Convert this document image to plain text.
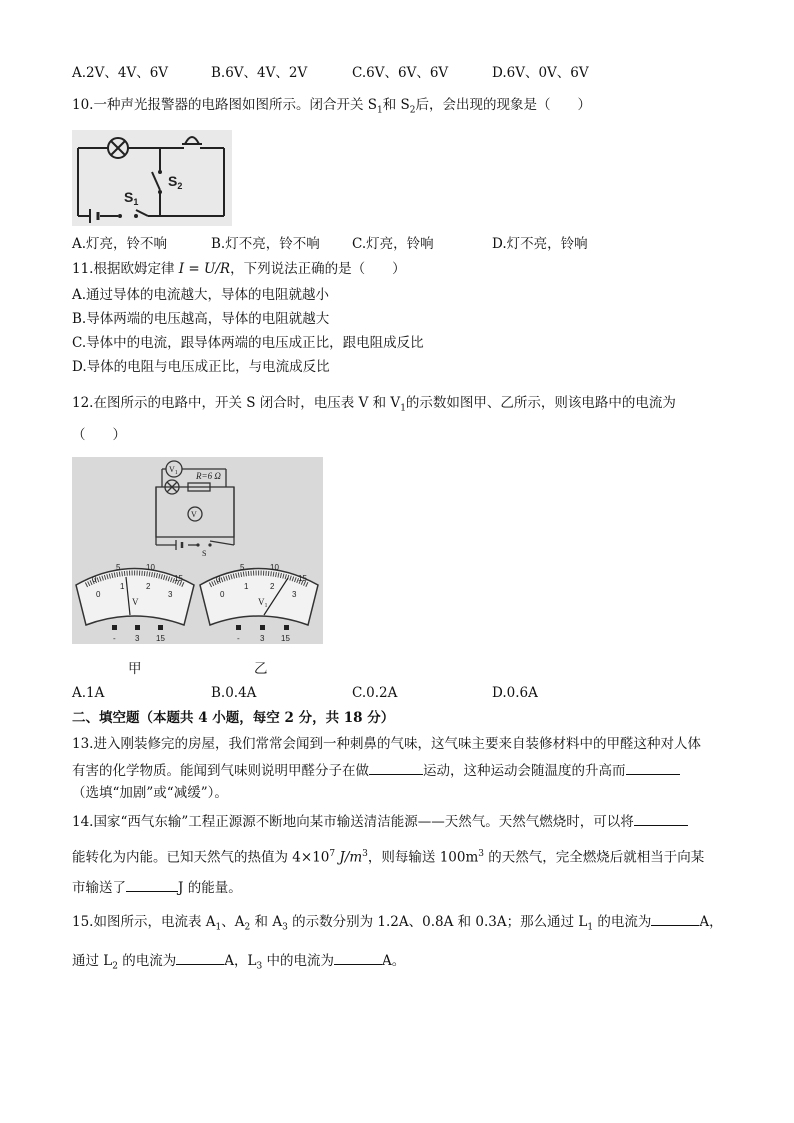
A.2V、4V、6V	B.6V、4V、2V	C.6V、6V、6V	D.6V、0V、6V
10.一种声光报警器的电路图如图所示。闭合开关 $S_1$和 $S_2$后，会出现的现象是（　　）
$S_1$
$S_2$
A.灯亮，铃不响	B.灯不亮，铃不响 C.灯亮，铃响	D.灯不亮，铃响
11.根据欧姆定律 I = U/R，下列说法正确的是（　　）
A.通过导体的电流越大，导体的电阻就越小
B.导体两端的电压越高，导体的电阻就越大
C.导体中的电流，跟导体两端的电压成正比，跟电阻成反比
D.导体的电阻与电压成正比，与电流成反比
12.在图所示的电路中，开关 S 闭合时，电压表 V 和 $V_1$的示数如图甲、乙所示，则该电路中的电流为
（　　）
$V_1$
V
R=6 Ω
S
0
5	10
15
0
1	2
3
V
0
5	10
15
0
1	2
3
$V_1$
- 3 15	-	3 15
甲	乙
A.1A	B.0.4A	C.0.2A	D.0.6A
二、填空题（本题共 4 小题，每空 2 分，共 18 分）
13.进入刚装修完的房屋，我们常常会闻到一种刺鼻的气味，这气味主要来自装修材料中的甲醛这种对人体
有害的化学物质。能闻到气味则说明甲醛分子在做	运动，这种运动会随温度的升高而
（选填“加剧”或“减缓”）。
14.国家“西气东输”工程正源源不断地向某市输送清洁能源——天然气。天然气燃烧时，可以将
能转化为内能。已知天然气的热值为 $4\times 10^7$ $J/m^3$，则每输送 $100m^3$ 的天然气，完全燃烧后就相当于向某
市输送了	J 的能量。
15.如图所示，电流表 $A_1$、$A_2$ 和 $A_3$ 的示数分别为 1.2A、0.8A 和 0.3A；那么通过 $L_1$ 的电流为	A，
通过 $L_2$ 的电流为	A，$L_3$ 中的电流为	A。
